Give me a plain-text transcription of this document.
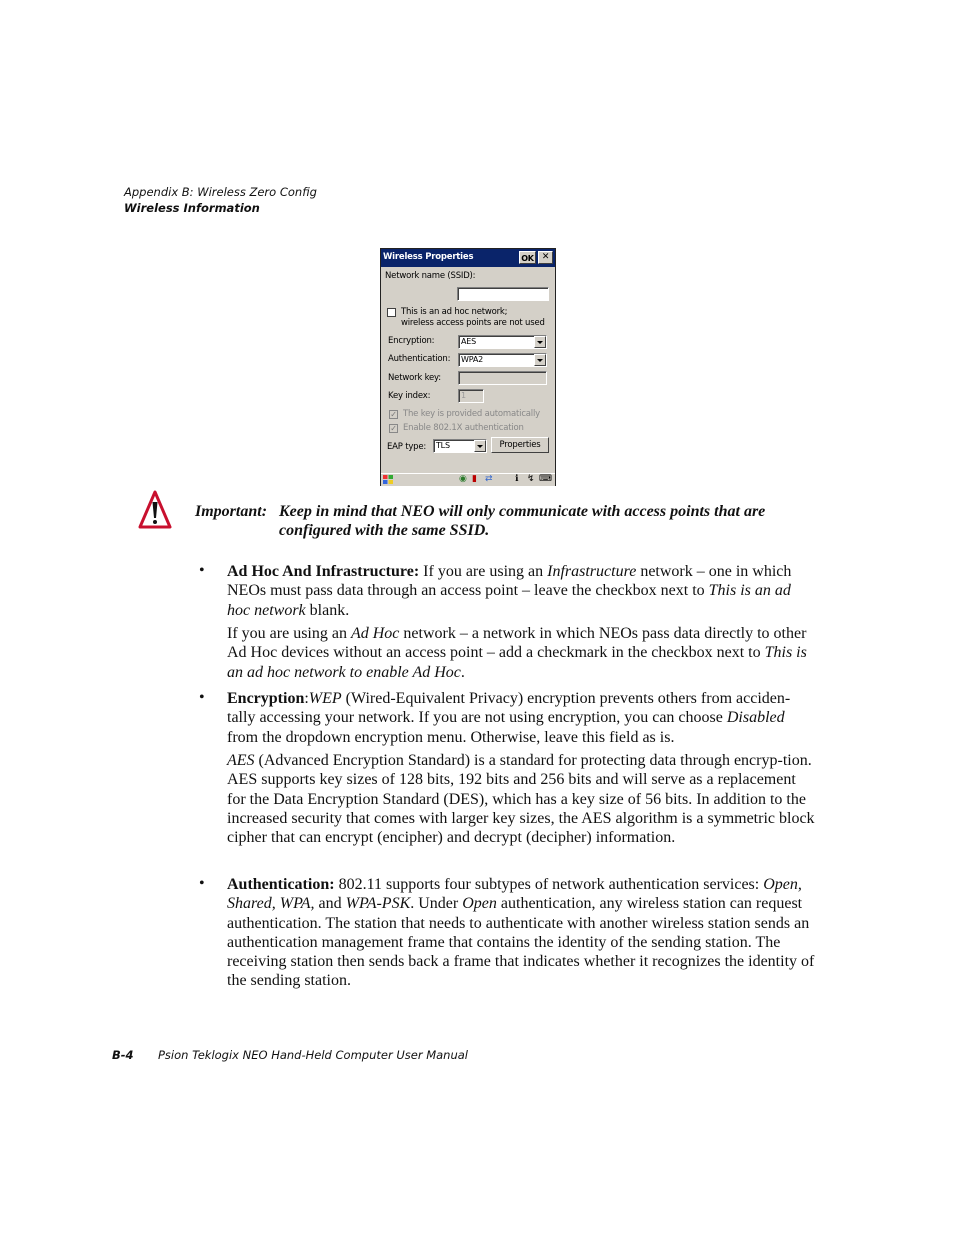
Appendix B: Wireless Zero Config
Wireless Information
Wireless Properties	OK ✕
Network name (SSID):
This is an ad hoc network;
wireless access points are not used
Encryption:	AES
Authentication:	WPA2
Network key:
Key index:	1
✓ The key is provided automatically
✓ Enable 802.1X authentication
EAP type:	TLS	Properties
◉ ▮ ⇄	ℹ ↯ ⌨
Important: Keep in mind that NEO will only communicate with access points that are
configured with the same SSID.
• Ad Hoc And Infrastructure: If you are using an Infrastructure network – one in which NEOs must pass data through an access point – leave the checkbox next to This is an ad hoc network blank.

If you are using an Ad Hoc network – a network in which NEOs pass data directly to other Ad Hoc devices without an access point – add a checkmark in the checkbox next to This is an ad hoc network to enable Ad Hoc.

• Encryption:WEP (Wired-Equivalent Privacy) encryption prevents others from acciden-tally accessing your network. If you are not using encryption, you can choose Disabled from the dropdown encryption menu. Otherwise, leave this field as is.

AES (Advanced Encryption Standard) is a standard for protecting data through encryp-tion. AES supports key sizes of 128 bits, 192 bits and 256 bits and will serve as a replacement for the Data Encryption Standard (DES), which has a key size of 56 bits. In addition to the increased security that comes with larger key sizes, the AES algorithm is a symmetric block cipher that can encrypt (encipher) and decrypt (decipher) information.

• Authentication: 802.11 supports four subtypes of network authentication services: Open, Shared, WPA, and WPA-PSK. Under Open authentication, any wireless station can request authentication. The station that needs to authenticate with another wireless station sends an authentication management frame that contains the identity of the sending station. The receiving station then sends back a frame that indicates whether it recognizes the identity of the sending station.

B-4 Psion Teklogix NEO Hand-Held Computer User Manual
